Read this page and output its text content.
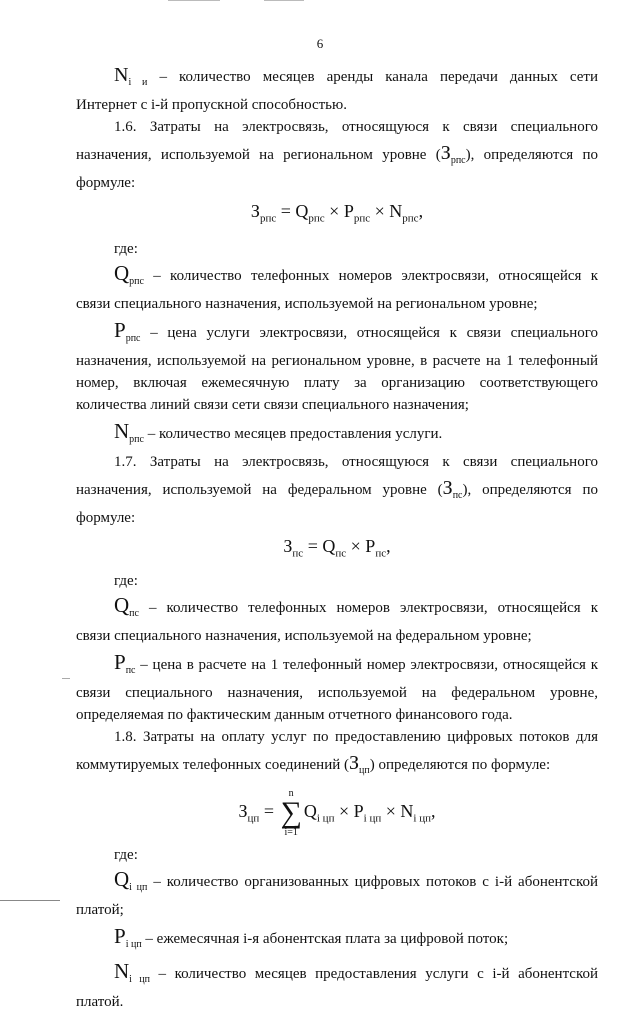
6

$N_{i и}$ – количество месяцев аренды канала передачи данных сети

Интернет с i-й пропускной способностью.

1.6. Затраты на электросвязь, относящуюся к связи специального

назначения, используемой на региональном уровне $(З_{рпс})$, определяются по

формуле:

$З_{рпс} = Q_{рпс} \times P_{рпс} \times N_{рпс}$,

где:

$Q_{рпс}$ – количество телефонных номеров электросвязи, относящейся к

связи специального назначения, используемой на региональном уровне;

$P_{рпс}$ – цена услуги электросвязи, относящейся к связи специального

назначения, используемой на региональном уровне, в расчете на 1 телефонный

номер, включая ежемесячную плату за организацию соответствующего

количества линий связи сети связи специального назначения;

$N_{рпс}$ – количество месяцев предоставления услуги.

1.7. Затраты на электросвязь, относящуюся к связи специального

назначения, используемой на федеральном уровне $(З_{пс})$, определяются по

формуле:

$З_{пс} = Q_{пс} \times P_{пс}$,

где:

$Q_{пс}$ – количество телефонных номеров электросвязи, относящейся к

связи специального назначения, используемой на федеральном уровне;

$P_{пс}$ – цена в расчете на 1 телефонный номер электросвязи, относящейся к

связи специального назначения, используемой на федеральном уровне,

определяемая по фактическим данным отчетного финансового года.

1.8. Затраты на оплату услуг по предоставлению цифровых потоков для

коммутируемых телефонных соединений $(З_{цп})$ определяются по формуле:

$З_{цп}$ =
n
∑
i=1
$Q_{i цп} \times P_{i цп} \times N_{i цп}$,

где:

$Q_{i цп}$ – количество организованных цифровых потоков с i-й абонентской

платой;

$P_{i цп}$ – ежемесячная i-я абонентская плата за цифровой поток;

$N_{i цп}$ – количество месяцев предоставления услуги с i-й абонентской

платой.
